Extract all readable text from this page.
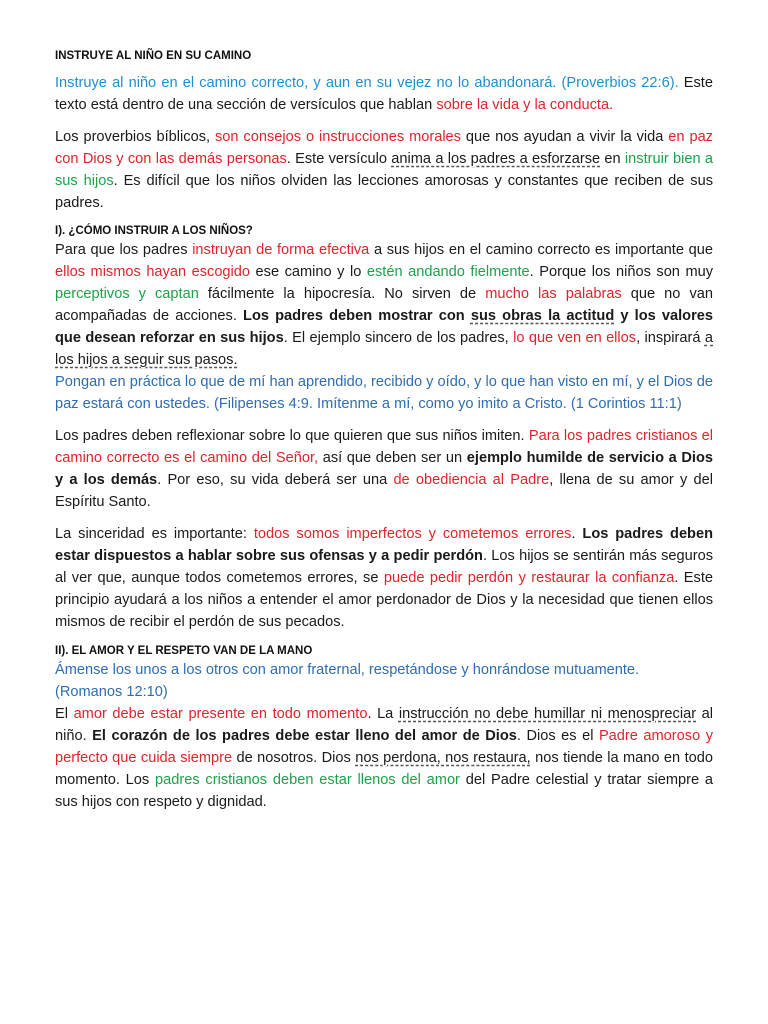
INSTRUYE AL NIÑO EN SU CAMINO

Instruye al niño en el camino correcto, y aun en su vejez no lo abandonará. (Proverbios 22:6). Este texto está dentro de una sección de versículos que hablan sobre la vida y la conducta.

Los proverbios bíblicos, son consejos o instrucciones morales que nos ayudan a vivir la vida en paz con Dios y con las demás personas. Este versículo anima a los padres a esforzarse en instruir bien a sus hijos. Es difícil que los niños olviden las lecciones amorosas y constantes que reciben de sus padres.

I). ¿CÓMO INSTRUIR A LOS NIÑOS?

Para que los padres instruyan de forma efectiva a sus hijos en el camino correcto es importante que ellos mismos hayan escogido ese camino y lo estén andando fielmente. Porque los niños son muy perceptivos y captan fácilmente la hipocresía. No sirven de mucho las palabras que no van acompañadas de acciones. Los padres deben mostrar con sus obras la actitud y los valores que desean reforzar en sus hijos. El ejemplo sincero de los padres, lo que ven en ellos, inspirará a los hijos a seguir sus pasos.

Pongan en práctica lo que de mí han aprendido, recibido y oído, y lo que han visto en mí, y el Dios de paz estará con ustedes. (Filipenses 4:9. Imítenme a mí, como yo imito a Cristo. (1 Corintios 11:1)

Los padres deben reflexionar sobre lo que quieren que sus niños imiten. Para los padres cristianos el camino correcto es el camino del Señor, así que deben ser un ejemplo humilde de servicio a Dios y a los demás. Por eso, su vida deberá ser una de obediencia al Padre, llena de su amor y del Espíritu Santo.

La sinceridad es importante: todos somos imperfectos y cometemos errores. Los padres deben estar dispuestos a hablar sobre sus ofensas y a pedir perdón. Los hijos se sentirán más seguros al ver que, aunque todos cometemos errores, se puede pedir perdón y restaurar la confianza. Este principio ayudará a los niños a entender el amor perdonador de Dios y la necesidad que tienen ellos mismos de recibir el perdón de sus pecados.

II). EL AMOR Y EL RESPETO VAN DE LA MANO

Ámense los unos a los otros con amor fraternal, respetándose y honrándose mutuamente.

(Romanos 12:10)

El amor debe estar presente en todo momento. La instrucción no debe humillar ni menospreciar al niño. El corazón de los padres debe estar lleno del amor de Dios. Dios es el Padre amoroso y perfecto que cuida siempre de nosotros. Dios nos perdona, nos restaura, nos tiende la mano en todo momento. Los padres cristianos deben estar llenos del amor del Padre celestial y tratar siempre a sus hijos con respeto y dignidad.
